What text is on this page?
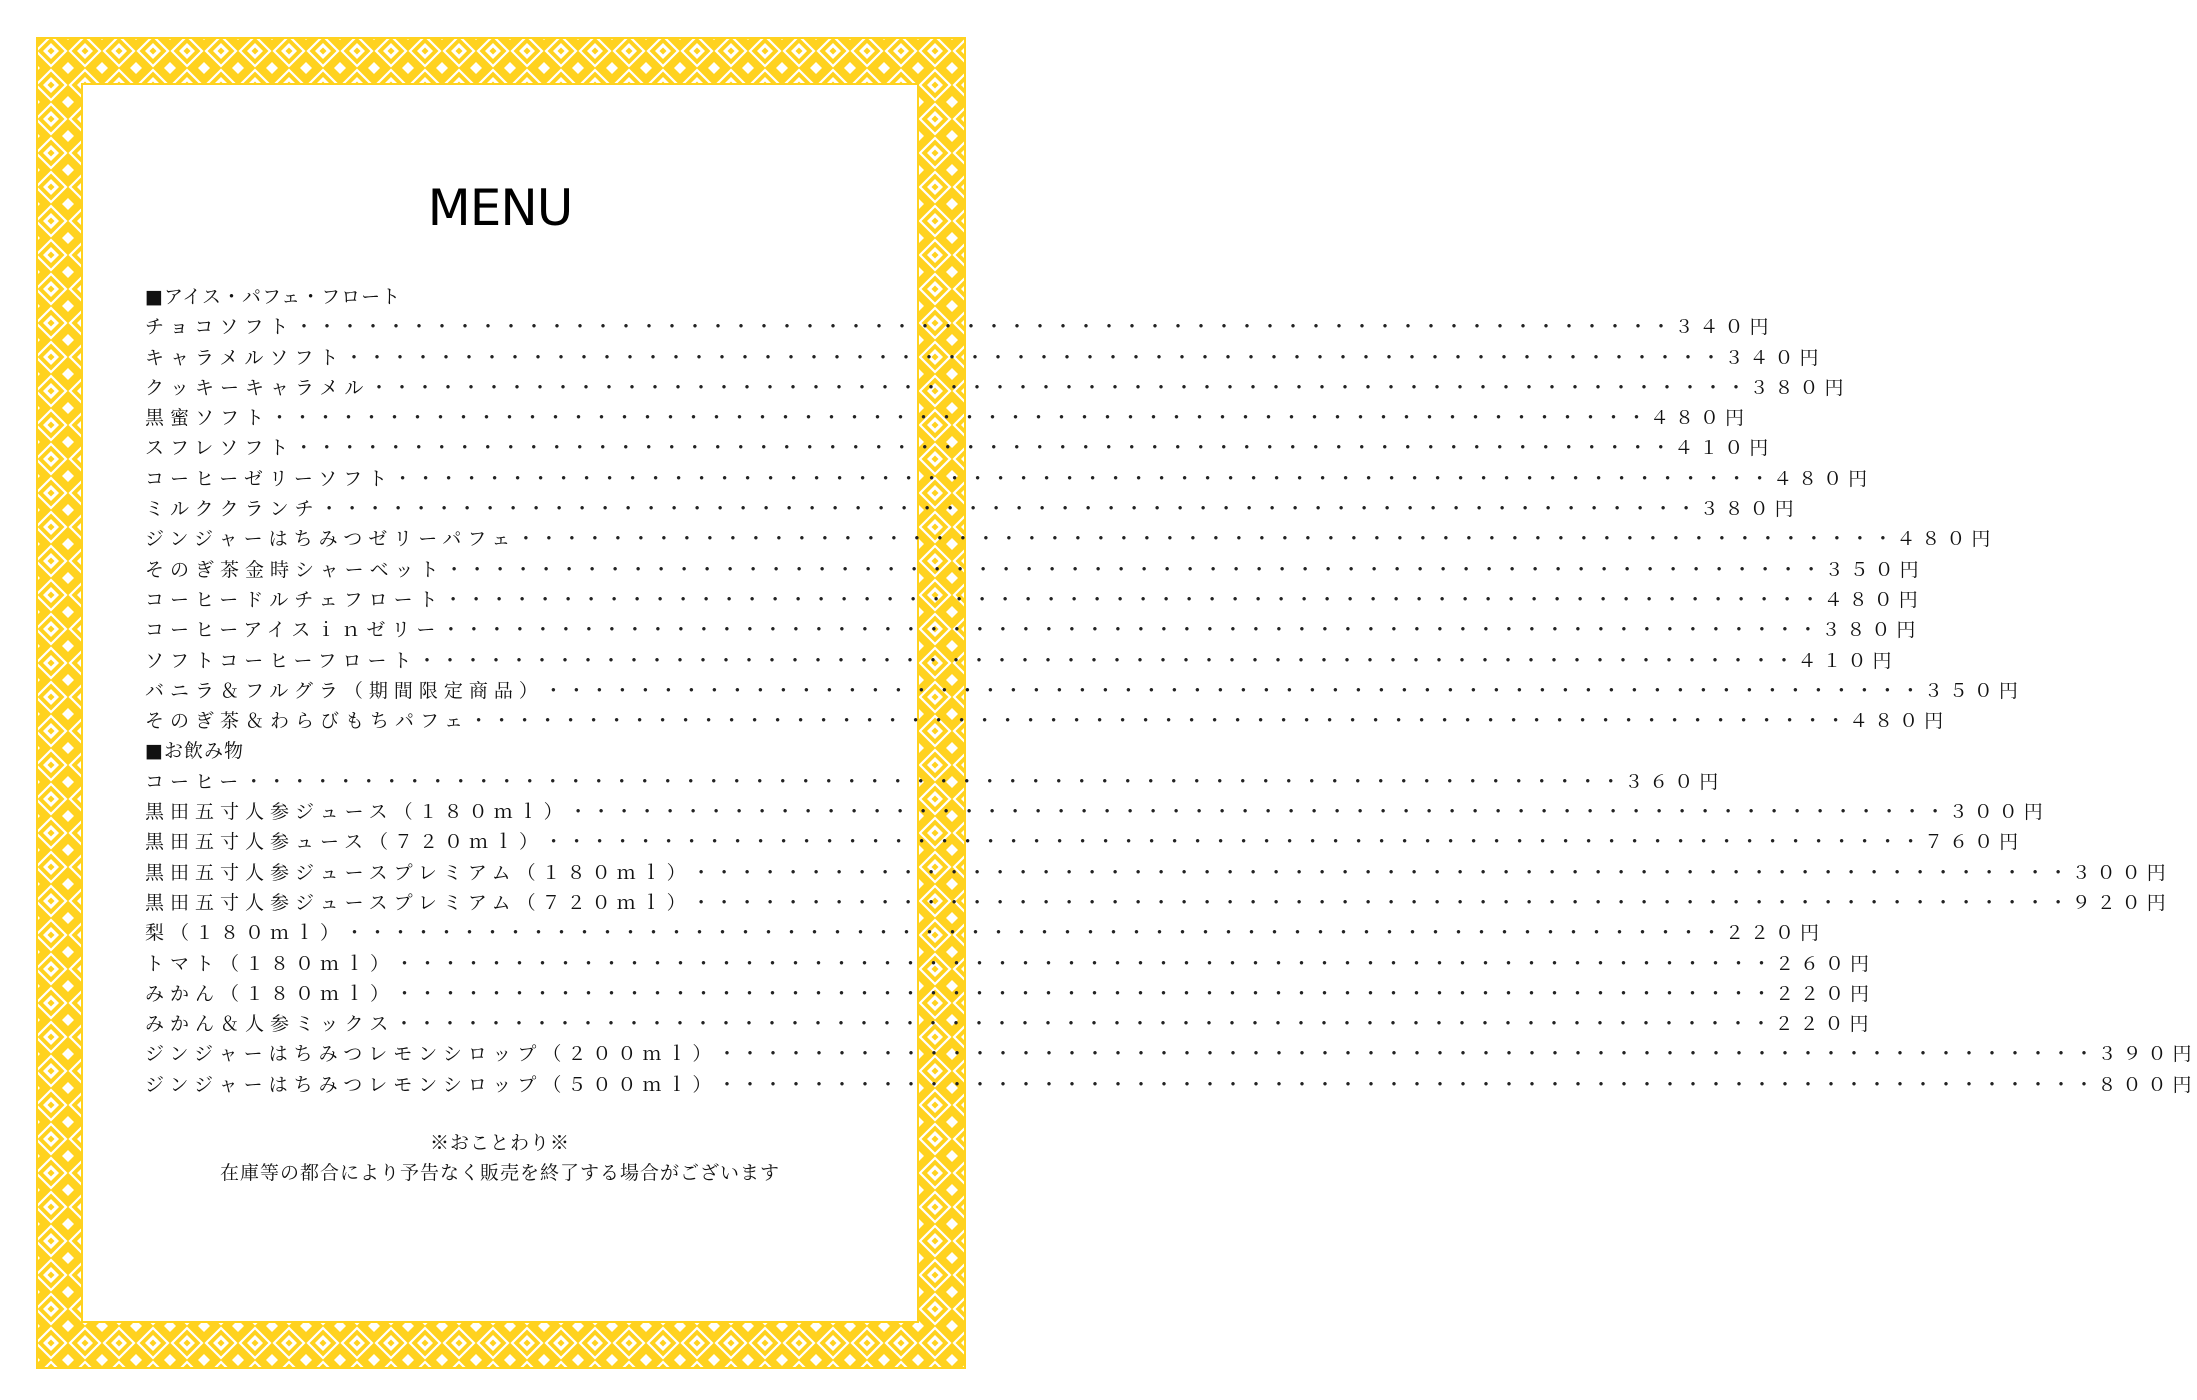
MENU
■アイス・パフェ・フロート
チョコソフト ・・・・・・・・・・・・・・・・・・・・・・・・・・・・・・・・・・・・・・・・・・・・・・・・・・・・・・・・・・・・ ３４０円
キャラメルソフト ・・・・・・・・・・・・・・・・・・・・・・・・・・・・・・・・・・・・・・・・・・・・・・・・・・・・・・・・・・・・ ３４０円
クッキーキャラメル ・・・・・・・・・・・・・・・・・・・・・・・・・・・・・・・・・・・・・・・・・・・・・・・・・・・・・・・・・・・・ ３８０円
黒蜜ソフト ・・・・・・・・・・・・・・・・・・・・・・・・・・・・・・・・・・・・・・・・・・・・・・・・・・・・・・・・・・・・ ４８０円
スフレソフト ・・・・・・・・・・・・・・・・・・・・・・・・・・・・・・・・・・・・・・・・・・・・・・・・・・・・・・・・・・・・ ４１０円
コーヒーゼリーソフト ・・・・・・・・・・・・・・・・・・・・・・・・・・・・・・・・・・・・・・・・・・・・・・・・・・・・・・・・・・・・ ４８０円
ミルククランチ ・・・・・・・・・・・・・・・・・・・・・・・・・・・・・・・・・・・・・・・・・・・・・・・・・・・・・・・・・・・・ ３８０円
ジンジャーはちみつゼリーパフェ ・・・・・・・・・・・・・・・・・・・・・・・・・・・・・・・・・・・・・・・・・・・・・・・・・・・・・・・・・・・・ ４８０円
そのぎ茶金時シャーベット ・・・・・・・・・・・・・・・・・・・・・・・・・・・・・・・・・・・・・・・・・・・・・・・・・・・・・・・・・・・・ ３５０円
コーヒードルチェフロート ・・・・・・・・・・・・・・・・・・・・・・・・・・・・・・・・・・・・・・・・・・・・・・・・・・・・・・・・・・・・ ４８０円
コーヒーアイスｉｎゼリー ・・・・・・・・・・・・・・・・・・・・・・・・・・・・・・・・・・・・・・・・・・・・・・・・・・・・・・・・・・・・ ３８０円
ソフトコーヒーフロート ・・・・・・・・・・・・・・・・・・・・・・・・・・・・・・・・・・・・・・・・・・・・・・・・・・・・・・・・・・・・ ４１０円
バニラ＆フルグラ（期間限定商品） ・・・・・・・・・・・・・・・・・・・・・・・・・・・・・・・・・・・・・・・・・・・・・・・・・・・・・・・・・・・・ ３５０円
そのぎ茶＆わらびもちパフェ ・・・・・・・・・・・・・・・・・・・・・・・・・・・・・・・・・・・・・・・・・・・・・・・・・・・・・・・・・・・・ ４８０円
■お飲み物
コーヒー ・・・・・・・・・・・・・・・・・・・・・・・・・・・・・・・・・・・・・・・・・・・・・・・・・・・・・・・・・・・・ ３６０円
黒田五寸人参ジュース（１８０ｍｌ） ・・・・・・・・・・・・・・・・・・・・・・・・・・・・・・・・・・・・・・・・・・・・・・・・・・・・・・・・・・・・ ３００円
黒田五寸人参ュース（７２０ｍｌ） ・・・・・・・・・・・・・・・・・・・・・・・・・・・・・・・・・・・・・・・・・・・・・・・・・・・・・・・・・・・・ ７６０円
黒田五寸人参ジュースプレミアム（１８０ｍｌ） ・・・・・・・・・・・・・・・・・・・・・・・・・・・・・・・・・・・・・・・・・・・・・・・・・・・・・・・・・・・・ ３００円
黒田五寸人参ジュースプレミアム（７２０ｍｌ） ・・・・・・・・・・・・・・・・・・・・・・・・・・・・・・・・・・・・・・・・・・・・・・・・・・・・・・・・・・・・ ９２０円
梨（１８０ｍｌ） ・・・・・・・・・・・・・・・・・・・・・・・・・・・・・・・・・・・・・・・・・・・・・・・・・・・・・・・・・・・・ ２２０円
トマト（１８０ｍｌ） ・・・・・・・・・・・・・・・・・・・・・・・・・・・・・・・・・・・・・・・・・・・・・・・・・・・・・・・・・・・・ ２６０円
みかん（１８０ｍｌ） ・・・・・・・・・・・・・・・・・・・・・・・・・・・・・・・・・・・・・・・・・・・・・・・・・・・・・・・・・・・・ ２２０円
みかん＆人参ミックス ・・・・・・・・・・・・・・・・・・・・・・・・・・・・・・・・・・・・・・・・・・・・・・・・・・・・・・・・・・・・ ２２０円
ジンジャーはちみつレモンシロップ（２００ｍｌ） ・・・・・・・・・・・・・・・・・・・・・・・・・・・・・・・・・・・・・・・・・・・・・・・・・・・・・・・・・・・・ ３９０円
ジンジャーはちみつレモンシロップ（５００ｍｌ） ・・・・・・・・・・・・・・・・・・・・・・・・・・・・・・・・・・・・・・・・・・・・・・・・・・・・・・・・・・・・ ８００円
※おことわり※
在庫等の都合により予告なく販売を終了する場合がございます
